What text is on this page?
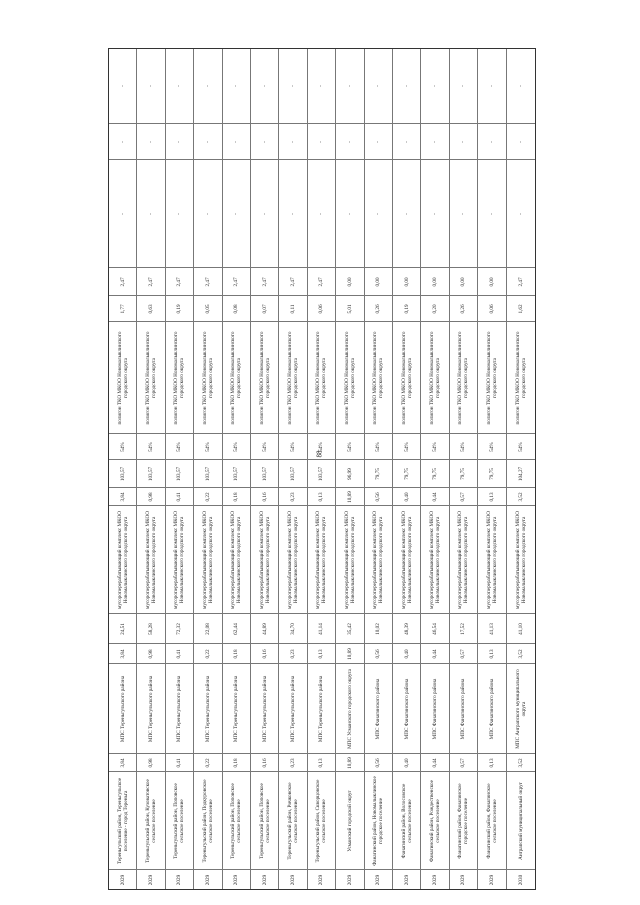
88
2029
Тереньгульский район, Тереньгульское поселение - город Тереньга
3,84
МПС Тереньгульского района
3,84
24,51
мусороперерабатывающий комплекс МКОО Новомалыклинского городского округа
3,84
103,57
54%
полигон ТКО МКОО Новомалыклинского городского округа
1,77
2,47
-
-
-
2029
Тереньгульский район, Кузоватовское сельское поселение
0,98
МПС Тереньгульского района
0,98
58,28
мусороперерабатывающий комплекс МКОО Новомалыклинского городского округа
0,98
103,57
54%
полигон ТКО МКОО Новомалыклинского городского округа
0,63
2,47
-
-
-
2029
Тереньгульский район, Поповское сельское поселение
0,41
МПС Тереньгульского района
0,41
72,32
мусороперерабатывающий комплекс МКОО Новомалыклинского городского округа
0,41
103,57
54%
полигон ТКО МКОО Новомалыклинского городского округа
0,19
2,47
-
-
-
2029
Тереньгульский район, Подкуровское сельское поселение
0,22
МПС Тереньгульского района
0,22
22,08
мусороперерабатывающий комплекс МКОО Новомалыклинского городского округа
0,22
103,57
54%
полигон ТКО МКОО Новомалыклинского городского округа
0,05
2,47
-
-
-
2029
Тереньгульский район, Поповское сельское поселение
0,18
МПС Тереньгульского района
0,18
62,44
мусороперерабатывающий комплекс МКОО Новомалыклинского городского округа
0,18
103,57
54%
полигон ТКО МКОО Новомалыклинского городского округа
0,08
2,47
-
-
-
2029
Тереньгульский район, Поповское сельское поселение
0,16
МПС Тереньгульского района
0,16
44,89
мусороперерабатывающий комплекс МКОО Новомалыклинского городского округа
0,16
103,57
54%
полигон ТКО МКОО Новомалыклинского городского округа
0,07
2,47
-
-
-
2029
Тереньгульский район, Ричковское сельское поселение
0,23
МПС Тереньгульского района
0,23
34,70
мусороперерабатывающий комплекс МКОО Новомалыклинского городского округа
0,23
103,57
54%
полигон ТКО МКОО Новомалыклинского городского округа
0,11
2,47
-
-
-
2029
Тереньгульский район, Скворцовское сельское поселение
0,13
МПС Тереньгульского района
0,13
41,14
мусороперерабатывающий комплекс МКОО Новомалыклинского городского округа
0,13
103,57
54%
полигон ТКО МКОО Новомалыклинского городского округа
0,06
2,47
-
-
-
2029
Усманский городской округ
10,89
МПС Усманского городского округа
10,89
35,42
мусороперерабатывающий комплекс МКОО Новомалыклинского городского округа
10,89
96,99
54%
полигон ТКО МКОО Новомалыклинского городского округа
5,01
0,00
-
-
-
2029
Фанагинский район, Новомалыклинское городское поселение
0,56
МПС Фанагинского района
0,56
10,02
мусороперерабатывающий комплекс МКОО Новомалыклинского городского округа
0,56
79,75
54%
полигон ТКО МКОО Новомалыклинского городского округа
0,26
0,00
-
-
-
2029
Фанагинский район, Волосовское сельское поселение
0,40
МПС Фанагинского района
0,40
48,39
мусороперерабатывающий комплекс МКОО Новомалыклинского городского округа
0,40
79,75
54%
полигон ТКО МКОО Новомалыклинского городского округа
0,19
0,00
-
-
-
2029
Фанагинский район, Рождественское сельское поселение
0,44
МПС Фанагинского района
0,44
46,54
мусороперерабатывающий комплекс МКОО Новомалыклинского городского округа
0,44
79,75
54%
полигон ТКО МКОО Новомалыклинского городского округа
0,20
0,00
-
-
-
2029
Фанагинский район, Фанагинское городское поселение
0,57
МПС Фанагинского района
0,57
17,52
мусороперерабатывающий комплекс МКОО Новомалыклинского городского округа
0,57
79,75
54%
полигон ТКО МКОО Новомалыклинского городского округа
0,26
0,00
-
-
-
2029
Фанагинский район, Фанагинское сельское поселение
0,13
МПС Фанагинского района
0,13
41,13
мусороперерабатывающий комплекс МКОО Новомалыклинского городского округа
0,13
79,75
54%
полигон ТКО МКОО Новомалыклинского городского округа
0,06
0,00
-
-
-
2030
Анграпский муниципальный округ
3,52
МПС Анграпского муниципального округа
3,52
41,10
мусороперерабатывающий комплекс МКОО Новомалыклинского городского округа
3,52
104,27
54%
полигон ТКО МКОО Новомалыклинского городского округа
1,62
2,47
-
-
-
